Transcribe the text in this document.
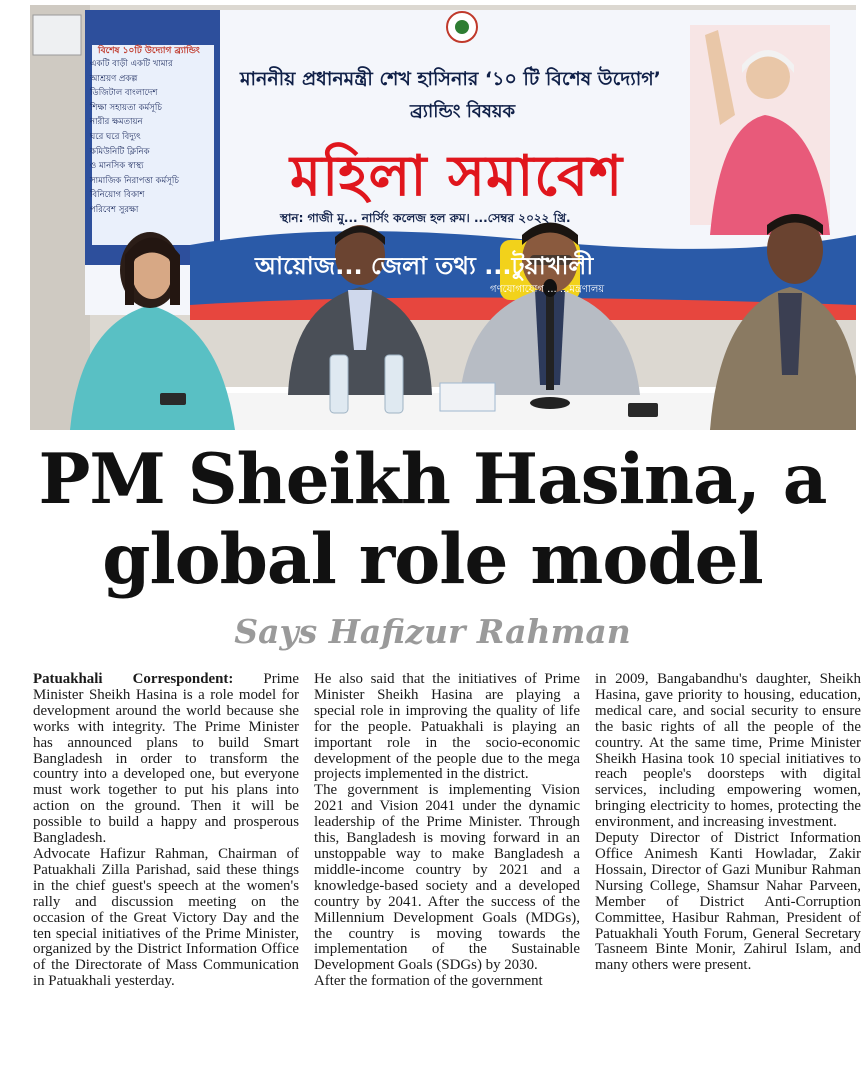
বিশেষ ১০টি উদ্যোগ ব্র্যান্ডিং
একটি বাড়ী একটি খামার
আশ্রয়ণ প্রকল্প
ডিজিটাল বাংলাদেশ
শিক্ষা সহায়তা কর্মসূচি
নারীর ক্ষমতায়ন
ঘরে ঘরে বিদ্যুৎ
কমিউনিটি ক্লিনিক
ও মানসিক স্বাস্থ্য
সামাজিক নিরাপত্তা কর্মসূচি
বিনিয়োগ বিকাশ
পরিবেশ সুরক্ষা
মাননীয় প্রধানমন্ত্রী শেখ হাসিনার ‘১০ টি বিশেষ উদ্যোগ’
ব্র্যান্ডিং বিষয়ক
মহিলা সমাবেশ
স্থান: গাজী মু... নার্সিং কলেজ হল রুম। ...সেম্বর ২০২২ খ্রি.
আয়োজ... জেলা তথ্য ...টুয়াখালী
গণযোগাযোগ ... ...মন্ত্রণালয়
PM Sheikh Hasina, a
global role model
Says Hafizur Rahman

Patuakhali Correspondent: Prime Minister Sheikh Hasina is a role model for development around the world because she works with integrity. The Prime Minister has announced plans to build Smart Bangladesh in order to transform the country into a developed one, but everyone must work together to put his plans into action on the ground. Then it will be possible to build a happy and prosperous Bangladesh.

Advocate Hafizur Rahman, Chairman of Patuakhali Zilla Parishad, said these things in the chief guest's speech at the women's rally and discussion meeting on the occasion of the Great Victory Day and the ten special initiatives of the Prime Minister, organized by the District Information Office of the Directorate of Mass Communication in Patuakhali yesterday.

He also said that the initiatives of Prime Minister Sheikh Hasina are playing a special role in improving the quality of life for the people. Patuakhali is playing an important role in the socio-economic development of the people due to the mega projects implemented in the district.

The government is implementing Vision 2021 and Vision 2041 under the dynamic leadership of the Prime Minister. Through this, Bangladesh is moving forward in an unstoppable way to make Bangladesh a middle-income country by 2021 and a knowledge-based society and a developed country by 2041. After the success of the Millennium Development Goals (MDGs), the country is moving towards the implementation of the Sustainable Development Goals (SDGs) by 2030.

After the formation of the government

in 2009, Bangabandhu's daughter, Sheikh Hasina, gave priority to housing, education, medical care, and social security to ensure the basic rights of all the people of the country. At the same time, Prime Minister Sheikh Hasina took 10 special initiatives to reach people's doorsteps with digital services, including empowering women, bringing electricity to homes, protecting the environment, and increasing investment.

Deputy Director of District Information Office Animesh Kanti Howladar, Zakir Hossain, Director of Gazi Munibur Rahman Nursing College, Shamsur Nahar Parveen, Member of District Anti-Corruption Committee, Hasibur Rahman, President of Patuakhali Youth Forum, General Secretary Tasneem Binte Monir, Zahirul Islam, and many others were present.
